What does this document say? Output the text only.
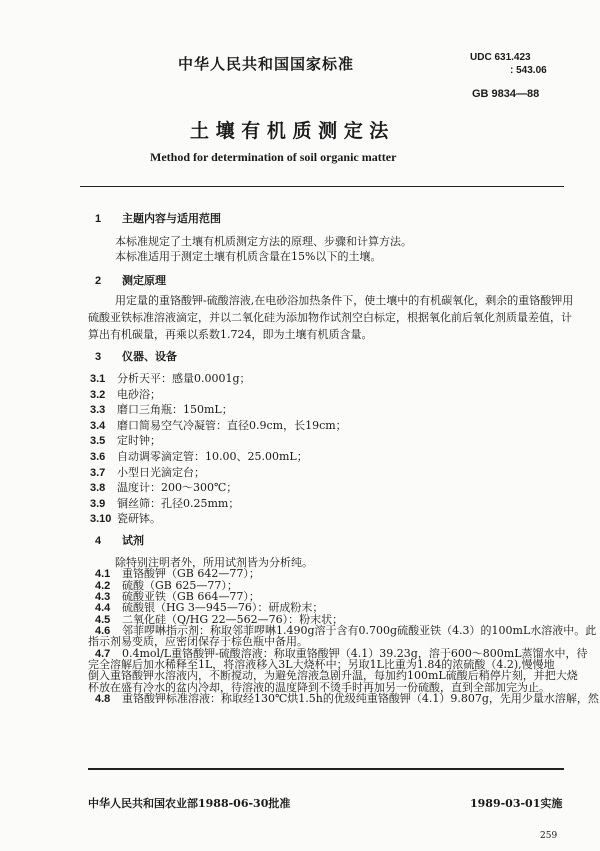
中华人民共和国国家标准	UDC 631.423
: 543.06
GB 9834—88
土 壤 有 机 质 测 定 法
Method for determination of soil organic matter
1 主题内容与适用范围
本标准规定了土壤有机质测定方法的原理、步骤和计算方法。
本标准适用于测定土壤有机质含量在15%以下的土壤。
2 测定原理
用定量的重铬酸钾-硫酸溶液,在电砂浴加热条件下，使土壤中的有机碳氧化，剩余的重铬酸钾用
硫酸亚铁标准溶液滴定，并以二氧化硅为添加物作试剂空白标定，根据氧化前后氧化剂质量差值，计
算出有机碳量，再乘以系数1.724，即为土壤有机质含量。
3 仪器、设备
3.1 分析天平：感量0.0001g；
3.2 电砂浴；
3.3 磨口三角瓶：150mL；
3.4 磨口简易空气冷凝管：直径0.9cm，长19cm；
3.5 定时钟；
3.6 自动调零滴定管：10.00、25.00mL；
3.7 小型日光滴定台；
3.8 温度计：200～300℃；
3.9 铜丝筛：孔径0.25mm；
3.10 瓷研钵。
4 试剂
除特别注明者外，所用试剂皆为分析纯。
4.1 重铬酸钾（GB 642—77）；
4.2 硫酸（GB 625—77）；
4.3 硫酸亚铁（GB 664—77）；
4.4 硫酸银（HG 3—945—76）：研成粉末；
4.5 二氧化硅（Q/HG 22—562—76）：粉末状；
4.6 邻菲啰啉指示剂：称取邻菲啰啉1.490g溶于含有0.700g硫酸亚铁（4.3）的100mL水溶液中。此
指示剂易变质，应密闭保存于棕色瓶中备用。
4.7 0.4mol/L重铬酸钾-硫酸溶液：称取重铬酸钾（4.1）39.23g，溶于600～800mL蒸馏水中，待
完全溶解后加水稀释至1L，将溶液移入3L大烧杯中；另取1L比重为1.84的浓硫酸（4.2),慢慢地
倒入重铬酸钾水溶液内，不断搅动，为避免溶液急剧升温，每加约100mL硫酸后稍停片刻，并把大烧
杯放在盛有冷水的盆内冷却，待溶液的温度降到不烫手时再加另一份硫酸，直到全部加完为止。
4.8 重铬酸钾标准溶液：称取经130℃烘1.5h的优级纯重铬酸钾（4.1）9.807g，先用少量水溶解，然
中华人民共和国农业部1988-06-30批准	1989-03-01实施
259
